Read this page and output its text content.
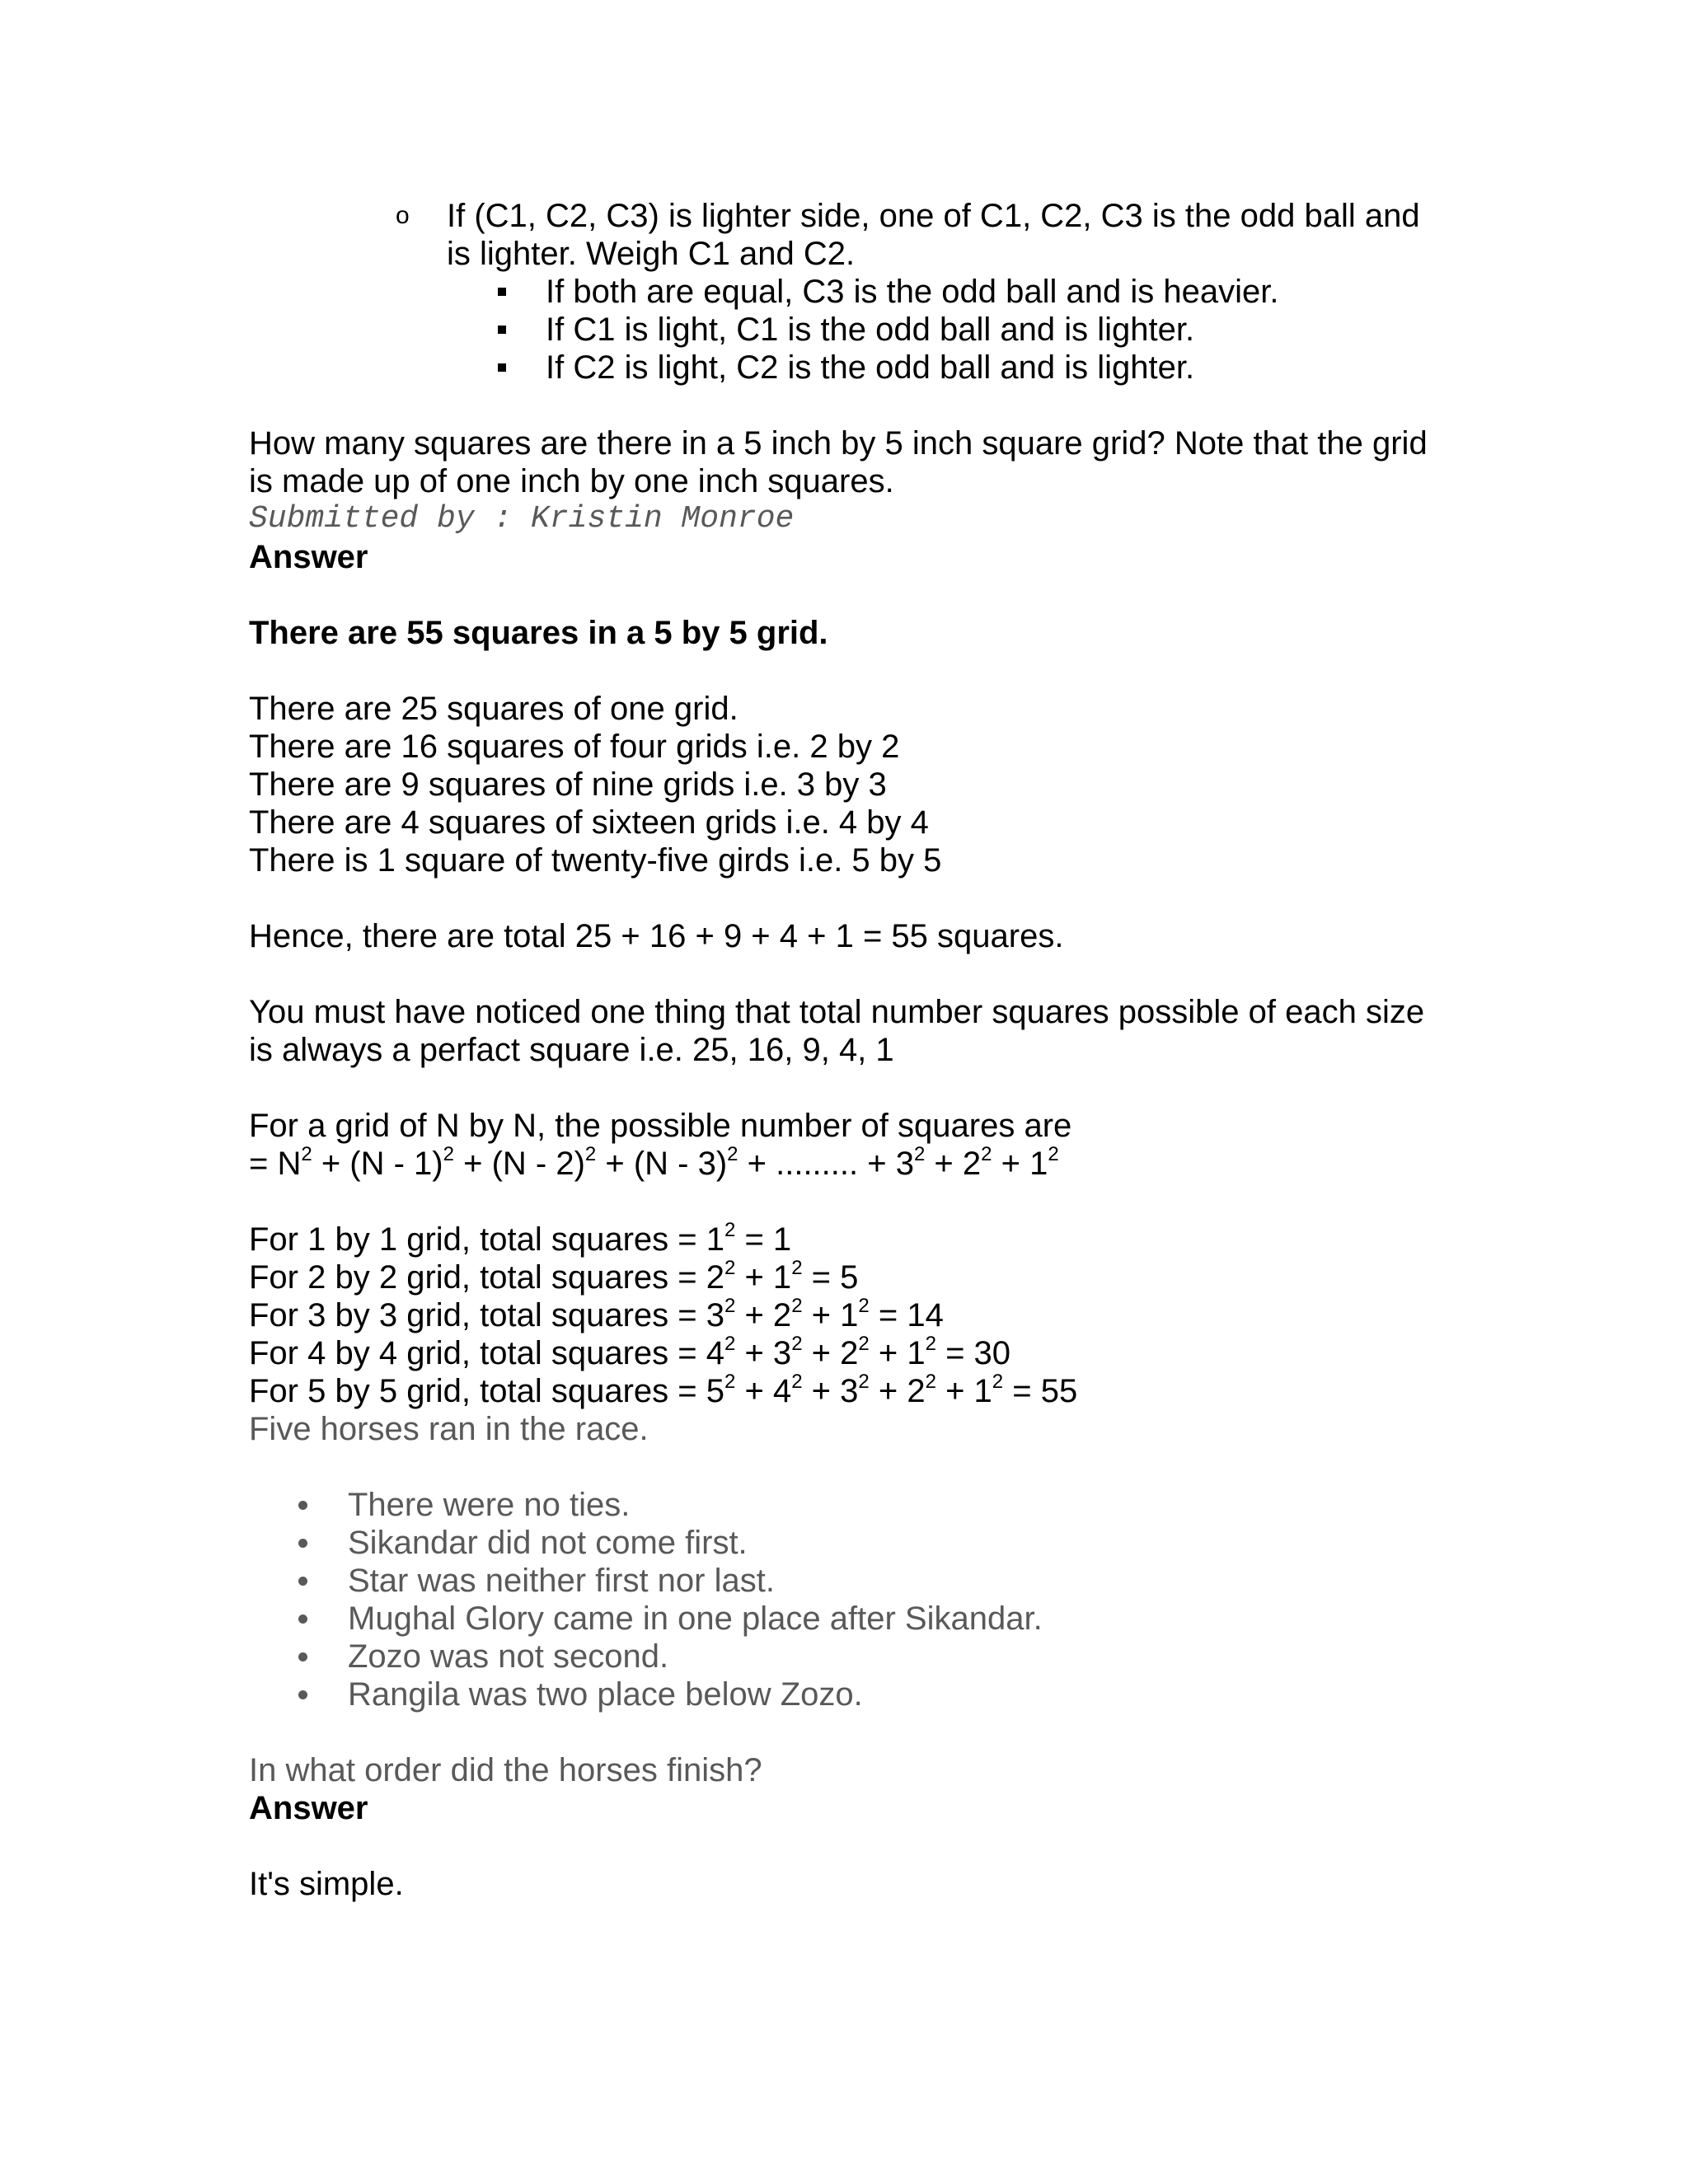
o If (C1, C2, C3) is lighter side, one of C1, C2, C3 is the odd ball and
is lighter. Weigh C1 and C2.
If both are equal, C3 is the odd ball and is heavier.
If C1 is light, C1 is the odd ball and is lighter.
If C2 is light, C2 is the odd ball and is lighter.
How many squares are there in a 5 inch by 5 inch square grid? Note that the grid
is made up of one inch by one inch squares.
Submitted by : Kristin Monroe
Answer
There are 55 squares in a 5 by 5 grid.
There are 25 squares of one grid.
There are 16 squares of four grids i.e. 2 by 2
There are 9 squares of nine grids i.e. 3 by 3
There are 4 squares of sixteen grids i.e. 4 by 4
There is 1 square of twenty-five girds i.e. 5 by 5
Hence, there are total 25 + 16 + 9 + 4 + 1 = 55 squares.
You must have noticed one thing that total number squares possible of each size
is always a perfact square i.e. 25, 16, 9, 4, 1
For a grid of N by N, the possible number of squares are
= $N^2 + (N - 1)^2 + (N - 2)^2 + (N - 3)^2$ + ......... + $3^2 + 2^2 + 1^2$
For 1 by 1 grid, total squares = $1^2 = 1$
For 2 by 2 grid, total squares = $2^2 + 1^2 = 5$
For 3 by 3 grid, total squares = $3^2 + 2^2 + 1^2 = 14$
For 4 by 4 grid, total squares = $4^2 + 3^2 + 2^2 + 1^2 = 30$
For 5 by 5 grid, total squares = $5^2 + 4^2 + 3^2 + 2^2 + 1^2 = 55$
Five horses ran in the race.
There were no ties.
Sikandar did not come first.
Star was neither first nor last.
Mughal Glory came in one place after Sikandar.
Zozo was not second.
Rangila was two place below Zozo.
In what order did the horses finish?
Answer
It's simple.
